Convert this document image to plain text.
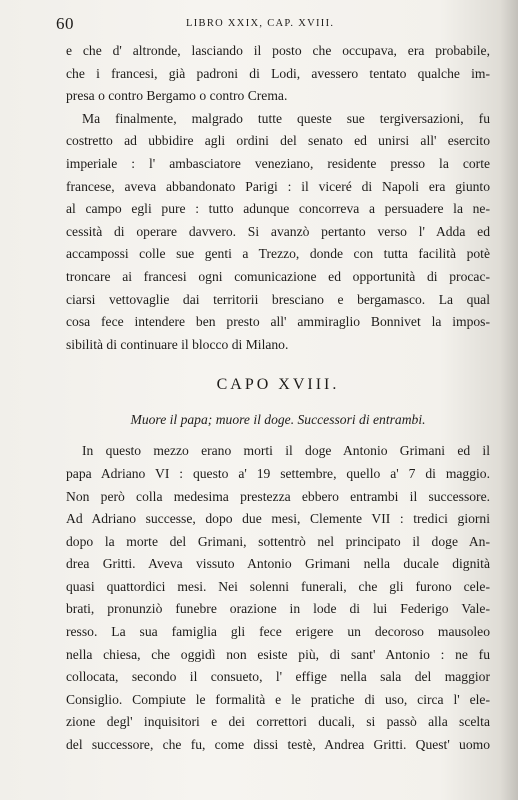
60	LIBRO XXIX, CAP. XVIII.
e che d' altronde, lasciando il posto che occupava, era probabile,
che i francesi, già padroni di Lodi, avessero tentato qualche im-
presa o contro Bergamo o contro Crema.
Ma finalmente, malgrado tutte queste sue tergiversazioni, fu
costretto ad ubbidire agli ordini del senato ed unirsi all' esercito
imperiale : l' ambasciatore veneziano, residente presso la corte
francese, aveva abbandonato Parigi : il viceré di Napoli era giunto
al campo egli pure : tutto adunque concorreva a persuadere la ne-
cessità di operare davvero. Si avanzò pertanto verso l' Adda ed
accampossi colle sue genti a Trezzo, donde con tutta facilità potè
troncare ai francesi ogni comunicazione ed opportunità di procac-
ciarsi vettovaglie dai territorii bresciano e bergamasco. La qual
cosa fece intendere ben presto all' ammiraglio Bonnivet la impos-
sibilità di continuare il blocco di Milano.
CAPO XVIII.
Muore il papa; muore il doge. Successori di entrambi.
In questo mezzo erano morti il doge Antonio Grimani ed il
papa Adriano VI : questo a' 19 settembre, quello a' 7 di maggio.
Non però colla medesima prestezza ebbero entrambi il successore.
Ad Adriano successe, dopo due mesi, Clemente VII : tredici giorni
dopo la morte del Grimani, sottentrò nel principato il doge An-
drea Gritti. Aveva vissuto Antonio Grimani nella ducale dignità
quasi quattordici mesi. Nei solenni funerali, che gli furono cele-
brati, pronunziò funebre orazione in lode di lui Federigo Vale-
resso. La sua famiglia gli fece erigere un decoroso mausoleo
nella chiesa, che oggidì non esiste più, di sant' Antonio : ne fu
collocata, secondo il consueto, l' effige nella sala del maggior
Consiglio. Compiute le formalità e le pratiche di uso, circa l' ele-
zione degl' inquisitori e dei correttori ducali, si passò alla scelta
del successore, che fu, come dissi testè, Andrea Gritti. Quest' uomo
